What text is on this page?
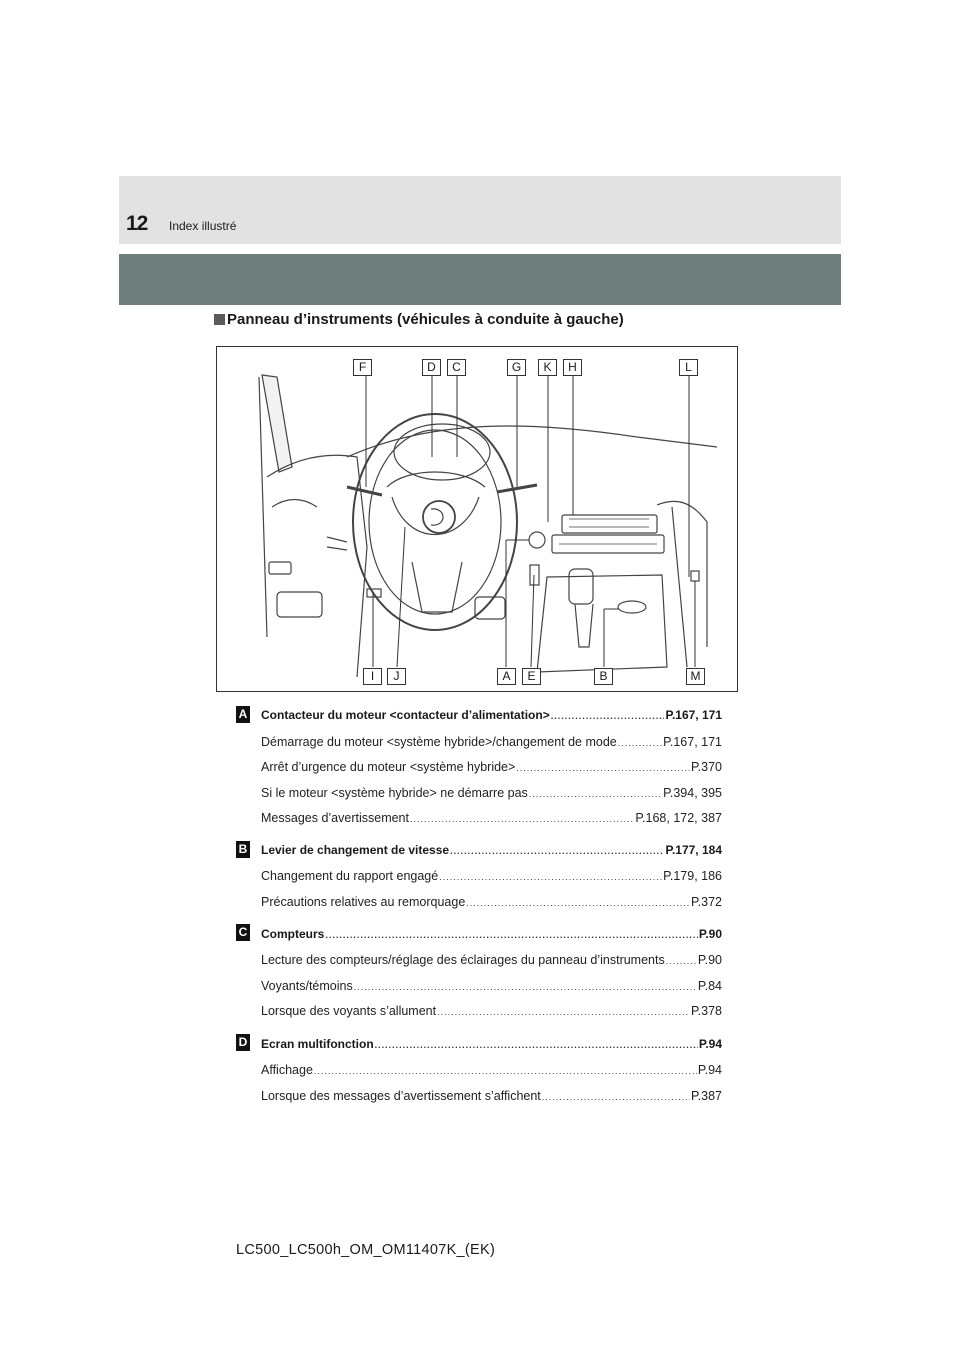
12 Index illustré
Panneau d’instruments (véhicules à conduite à gauche)
F	D	C	G	K	H	L
I	J	A	E	B	M
A Contacteur du moteur <contacteur d’alimentation> .....	P.167, 171
Démarrage du moteur <système hybride>/changement de mode .....	P.167, 171
Arrêt d’urgence du moteur <système hybride> .....	P.370
Si le moteur <système hybride> ne démarre pas .....	P.394, 395
Messages d’avertissement .....	P.168, 172, 387
B Levier de changement de vitesse .....	P.177, 184
Changement du rapport engagé .....	P.179, 186
Précautions relatives au remorquage .....	P.372
C Compteurs .....	P.90
Lecture des compteurs/réglage des éclairages du panneau d’instruments .....	P.90
Voyants/témoins .....	P.84
Lorsque des voyants s’allument .....	P.378
D Ecran multifonction .....	P.94
Affichage .....	P.94
Lorsque des messages d’avertissement s’affichent .....	P.387
LC500_LC500h_OM_OM11407K_(EK)
